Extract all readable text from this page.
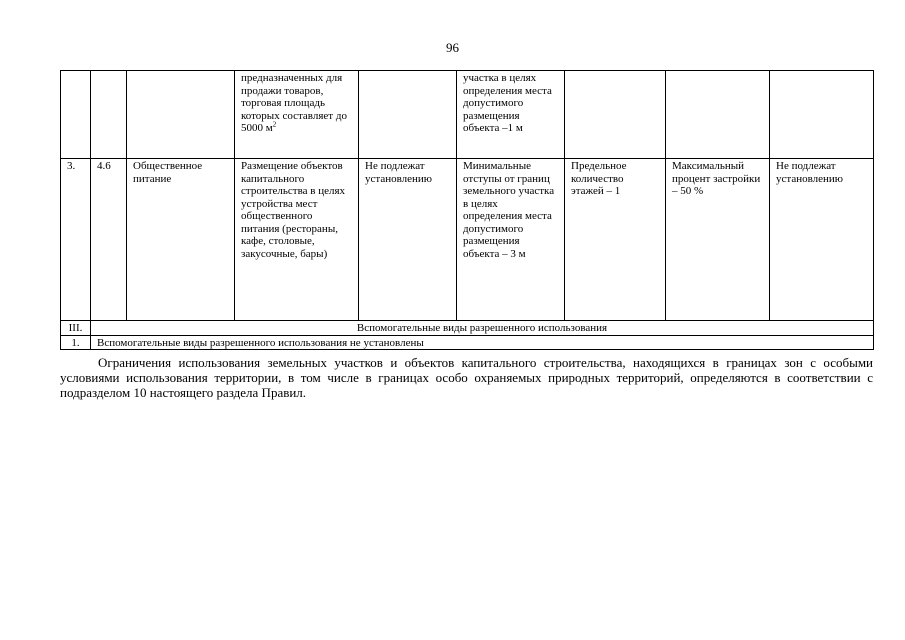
96
			предназначенных для продажи товаров, торговая площадь которых составляет до 5000 $м^2$		участка в целях определения места допустимого размещения объекта –1 м			
3.	4.6	Общественное питание	Размещение объектов капитального строительства в целях устройства мест общественного питания (рестораны, кафе, столовые, закусочные, бары)	Не подлежат установлению	Минимальные отступы от границ земельного участка в целях определения места допустимого размещения объекта – 3 м	Предельное количество этажей – 1	Максимальный процент застройки – 50 %	Не подлежат установлению
III.	Вспомогательные виды разрешенного использования							
1.	Вспомогательные виды разрешенного использования не установлены							
Ограничения использования земельных участков и объектов капитального строительства, находящихся в границах зон с особыми условиями использования территории, в том числе в границах особо охраняемых природных территорий, определяются в соответствии с подразделом 10 настоящего раздела Правил.
